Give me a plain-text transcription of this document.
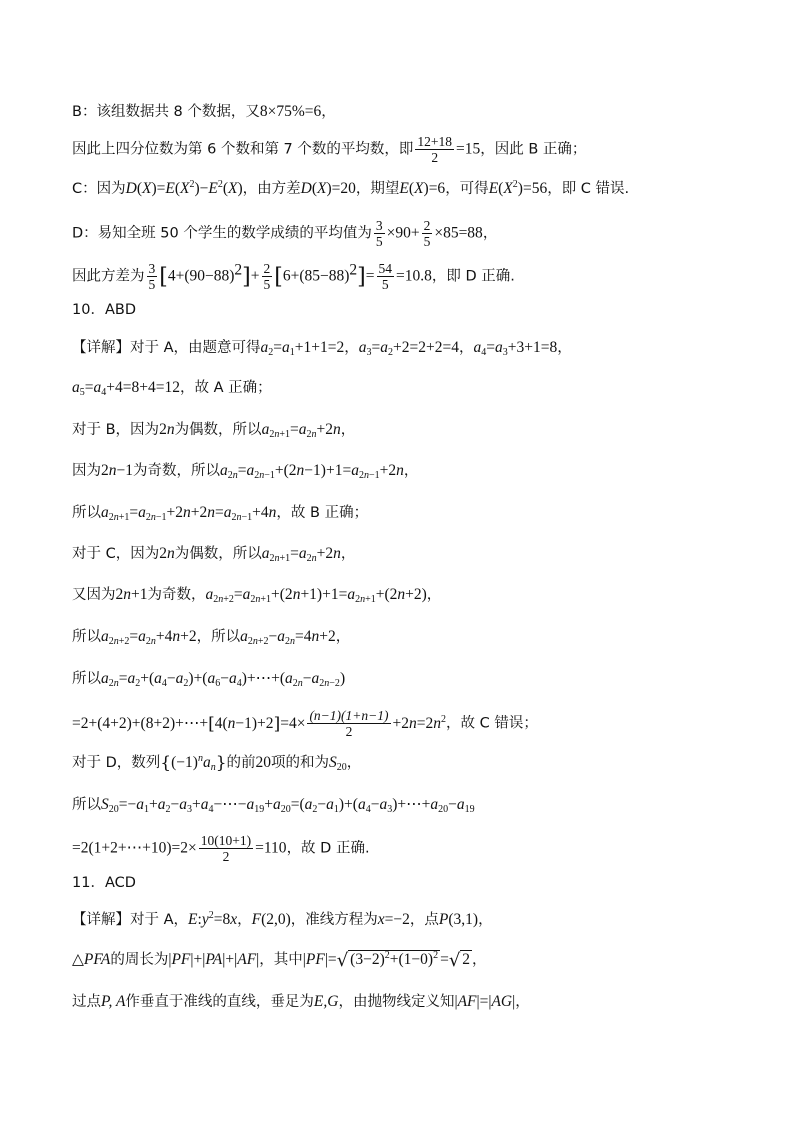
B：该组数据共 8 个数据，又8×75%=6，
因此上四分位数为第 6 个数和第 7 个数的平均数，即 $\frac{12+18}{2} =15$，因此 B 正确；
C：因为$D(X)=E(X^2)-E^2(X)$，由方差D(X)=20，期望E(X)=6，可得$E(X^2)=56$，即 C 错误.
D：易知全班 50 个学生的数学成绩的平均值为 $\frac{3}{5} \times 90+ \frac{2}{5} \times 85=88$，
因此方差为 $\frac{3}{5} [4+(90-88)^2]+ \frac{2}{5} [6+(85-88)^2]= \frac{54}{5} =10.8$，即 D 正确.
10．ABD
【详解】对于 A，由题意可得$a_2=a_1+1+1=2$，$a_3=a_2+2=2+2=4$，$a_4=a_3+3+1=8$，
$a_5=a_4+4=8+4=12$，故 A 正确；
对于 B，因为2n为偶数，所以$a_{2n+1}=a_{2n}+2n$，
因为2n−1为奇数，所以$a_{2n}=a_{2n-1}+(2n-1)+1=a_{2n-1}+2n$，
所以$a_{2n+1}=a_{2n-1}+2n+2n=a_{2n-1}+4n$，故 B 正确；
对于 C，因为2n为偶数，所以$a_{2n+1}=a_{2n}+2n$，
又因为2n+1为奇数，$a_{2n+2}=a_{2n+1}+(2n+1)+1=a_{2n+1}+(2n+2)$，
所以$a_{2n+2}=a_{2n}+4n+2$，所以$a_{2n+2}-a_{2n}=4n+2$，
所以$a_{2n}=a_2+(a_4-a_2)+(a_6-a_4)+\cdots+(a_{2n}-a_{2n-2})$
=2+(4+2)+(8+2)+⋯+[4(n−1)+2]=4× $\frac{(n-1)(1+n-1)}{2} +2n=2n^2$，故 C 错误；
对于 D，数列$\{(-1)^na_n\}$的前20项的和为$S_{20}$，
所以$S_{20}=-a_1+a_2-a_3+a_4-\cdots-a_{19}+a_{20}=(a_2-a_1)+(a_4-a_3)+\cdots+a_{20}-a_{19}$
=2(1+2+⋯+10)=2× $\frac{10(10+1)}{2} =110$，故 D 正确.
11．ACD
【详解】对于 A，$E:y^2=8x$，F(2,0)，准线方程为x=−2，点P(3,1)，
△PFA的周长为|PF|+|PA|+|AF|，其中|PF|=√ $(3-2)^2+(1-0)^2$ =√ 2 ，
过点P, A作垂直于准线的直线，垂足为E,G，由抛物线定义知|AF|=|AG|，
